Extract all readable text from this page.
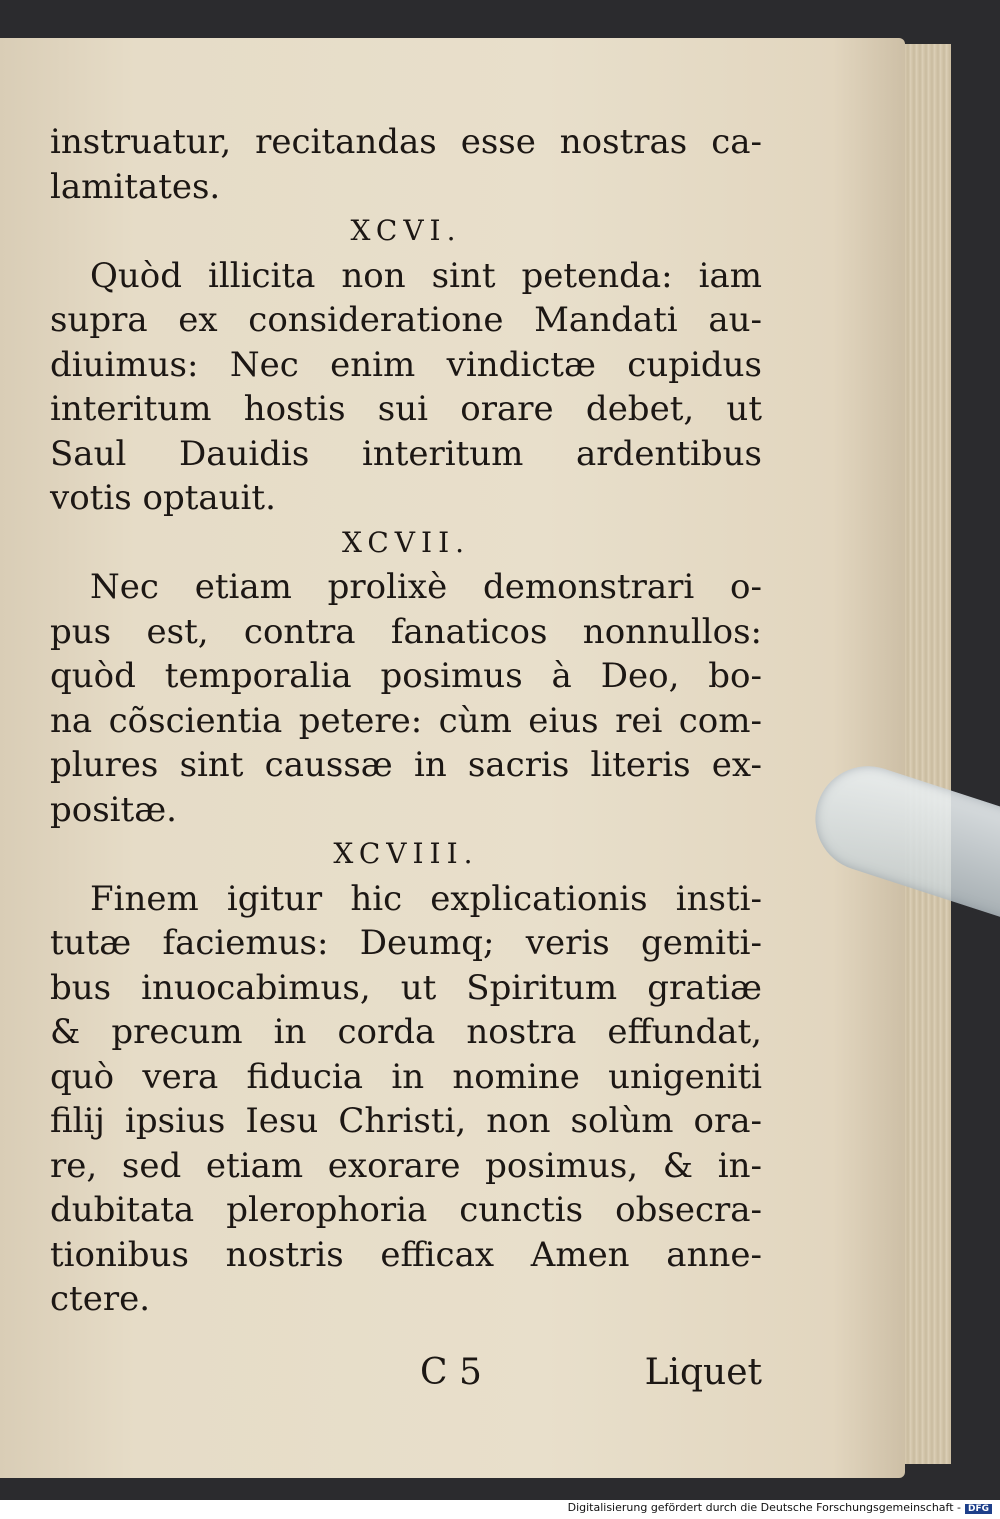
instruatur, recitandas esse nostras ca-
lamitates.
XCVI.
Quòd illicita non sint petenda: iam
supra ex consideratione Mandati au-
diuimus: Nec enim vindictæ cupidus
interitum hostis sui orare debet, ut
Saul Dauidis interitum ardentibus
votis optauit.
XCVII.
Nec etiam prolixè demonstrari o-
pus est, contra fanaticos nonnullos:
quòd temporalia posimus à Deo, bo-
na cõscientia petere: cùm eius rei com-
plures sint caussæ in sacris literis ex-
positæ.
XCVIII.
Finem igitur hic explicationis insti-
tutæ faciemus: Deumq; veris gemiti-
bus inuocabimus, ut Spiritum gratiæ
& precum in corda nostra effundat,
quò vera fiducia in nomine unigeniti
filij ipsius Iesu Christi, non solùm ora-
re, sed etiam exorare posimus, & in-
dubitata plerophoria cunctis obsecra-
tionibus nostris efficax Amen anne-
ctere.
C 5	Liquet
Digitalisierung gefördert durch die Deutsche Forschungsgemeinschaft - DFG
